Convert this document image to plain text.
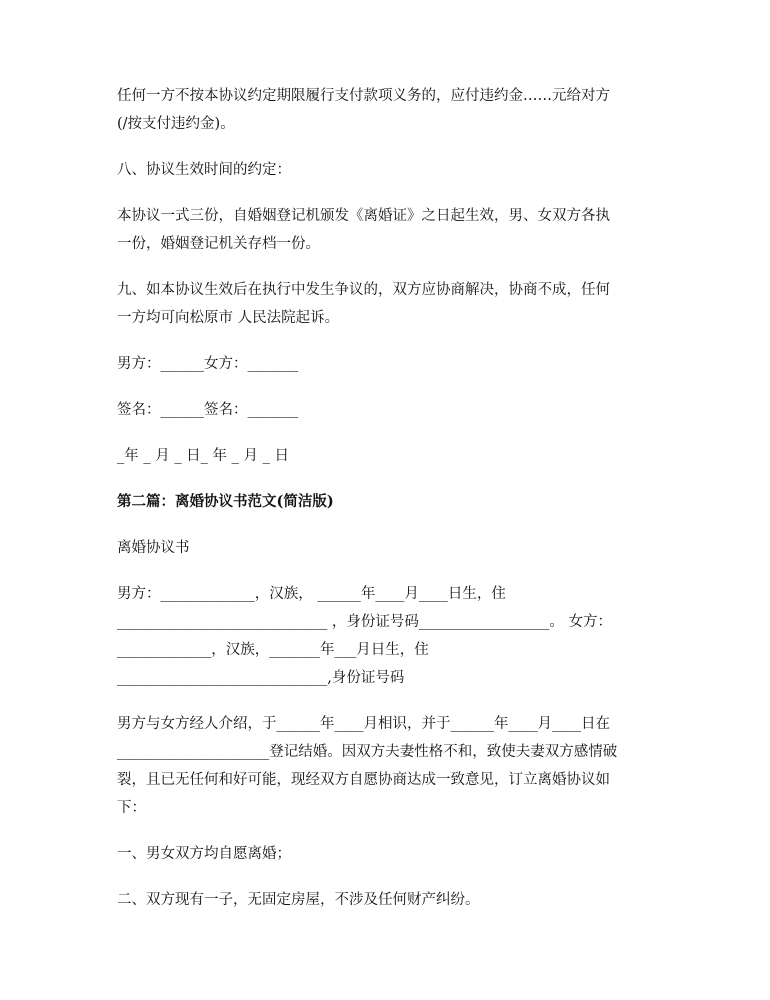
任何一方不按本协议约定期限履行支付款项义务的，应付违约金……元给对方
(/按支付违约金)。

八、协议生效时间的约定：

本协议一式三份，自婚姻登记机颁发《离婚证》之日起生效，男、女双方各执
一份，婚姻登记机关存档一份。

九、如本协议生效后在执行中发生争议的，双方应协商解决，协商不成，任何
一方均可向松原市 人民法院起诉。

男方：______女方：_______

签名：______签名：_______

_年 _ 月 _ 日_ 年 _ 月 _ 日

第二篇：离婚协议书范文(简洁版)

离婚协议书

男方：_____________，汉族， ______年____月____日生，住
_____________________________ ，身份证号码__________________。 女方：
_____________，汉族，_______年___月日生，住
_____________________________,身份证号码

男方与女方经人介绍，于______年____月相识，并于______年____月____日在
_____________________登记结婚。因双方夫妻性格不和，致使夫妻双方感情破
裂，且已无任何和好可能，现经双方自愿协商达成一致意见，订立离婚协议如
下：

一、男女双方均自愿离婚；

二、双方现有一子，无固定房屋，不涉及任何财产纠纷。
